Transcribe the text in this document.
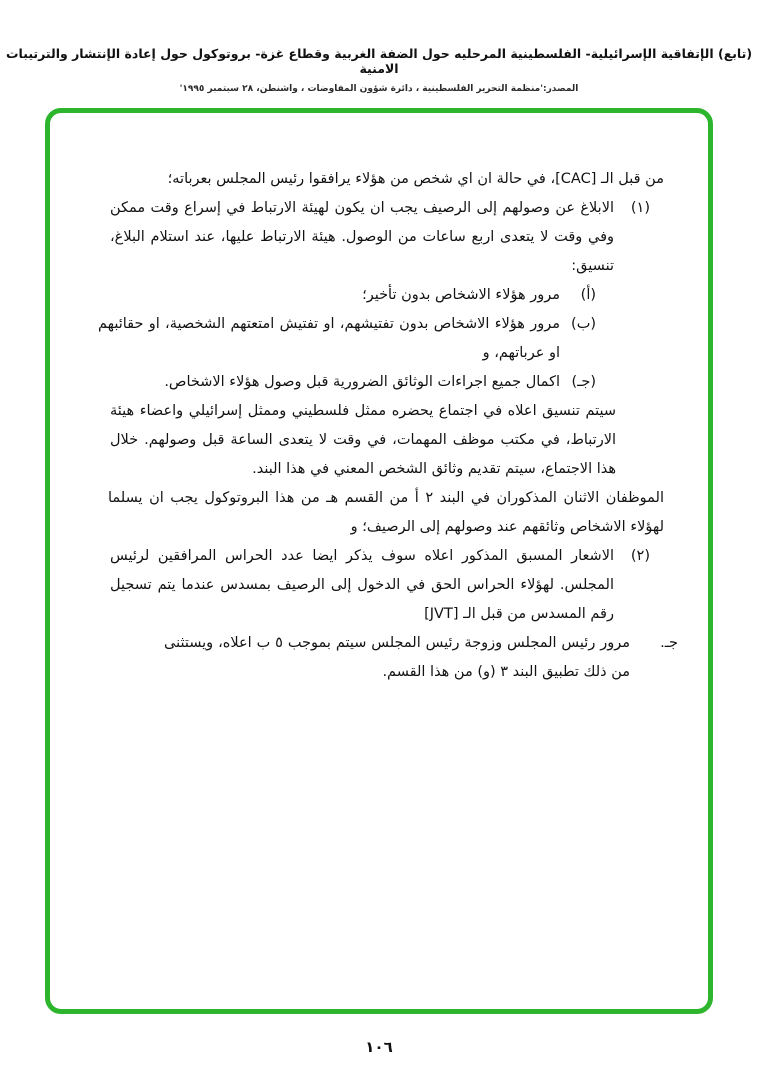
(تابع) الإتفاقية الإسرائيلية- الفلسطينية المرحليه حول الضفة الغربية وقطاع غزة- بروتوكول حول إعادة الإنتشار والترتيبات الامنية
المصدر:'منظمة التحرير الفلسطينية ، دائرة شؤون المفاوضات ، واشنطن، ٢٨ سبتمبر ١٩٩٥'

من قبل الـ [CAC]، في حالة ان اي شخص من هؤلاء يرافقوا رئيس المجلس بعرباته؛

(١)
الابلاغ عن وصولهم إلى الرصيف يجب ان يكون لهيئة الارتباط في إسراع وقت ممكن وفي وقت لا يتعدى اربع ساعات من الوصول. هيئة الارتباط عليها، عند استلام البلاغ، تنسيق:
(أ)
مرور هؤلاء الاشخاص بدون تأخير؛
(ب)
مرور هؤلاء الاشخاص بدون تفتيشهم، او تفتيش امتعتهم الشخصية، او حقائبهم او عرباتهم، و
(جـ)
اكمال جميع اجراءات الوثائق الضرورية قبل وصول هؤلاء الاشخاص.

سيتم تنسيق اعلاه في اجتماع يحضره ممثل فلسطيني وممثل إسرائيلي واعضاء هيئة الارتباط، في مكتب موظف المهمات، في وقت لا يتعدى الساعة قبل وصولهم. خلال هذا الاجتماع، سيتم تقديم وثائق الشخص المعني في هذا البند.

الموظفان الاثنان المذكوران في البند ٢ أ من القسم هـ من هذا البروتوكول يجب ان يسلما لهؤلاء الاشخاص وثائقهم عند وصولهم إلى الرصيف؛ و

(٢)
الاشعار المسبق المذكور اعلاه سوف يذكر ايضا عدد الحراس المرافقين لرئيس المجلس. لهؤلاء الحراس الحق في الدخول إلى الرصيف بمسدس عندما يتم تسجيل رقم المسدس من قبل الـ [JVT]
جـ.
مرور رئيس المجلس وزوجة رئيس المجلس سيتم بموجب ٥ ب اعلاه، ويستثنى من ذلك تطبيق البند ٣ (و) من هذا القسم.
١٠٦
